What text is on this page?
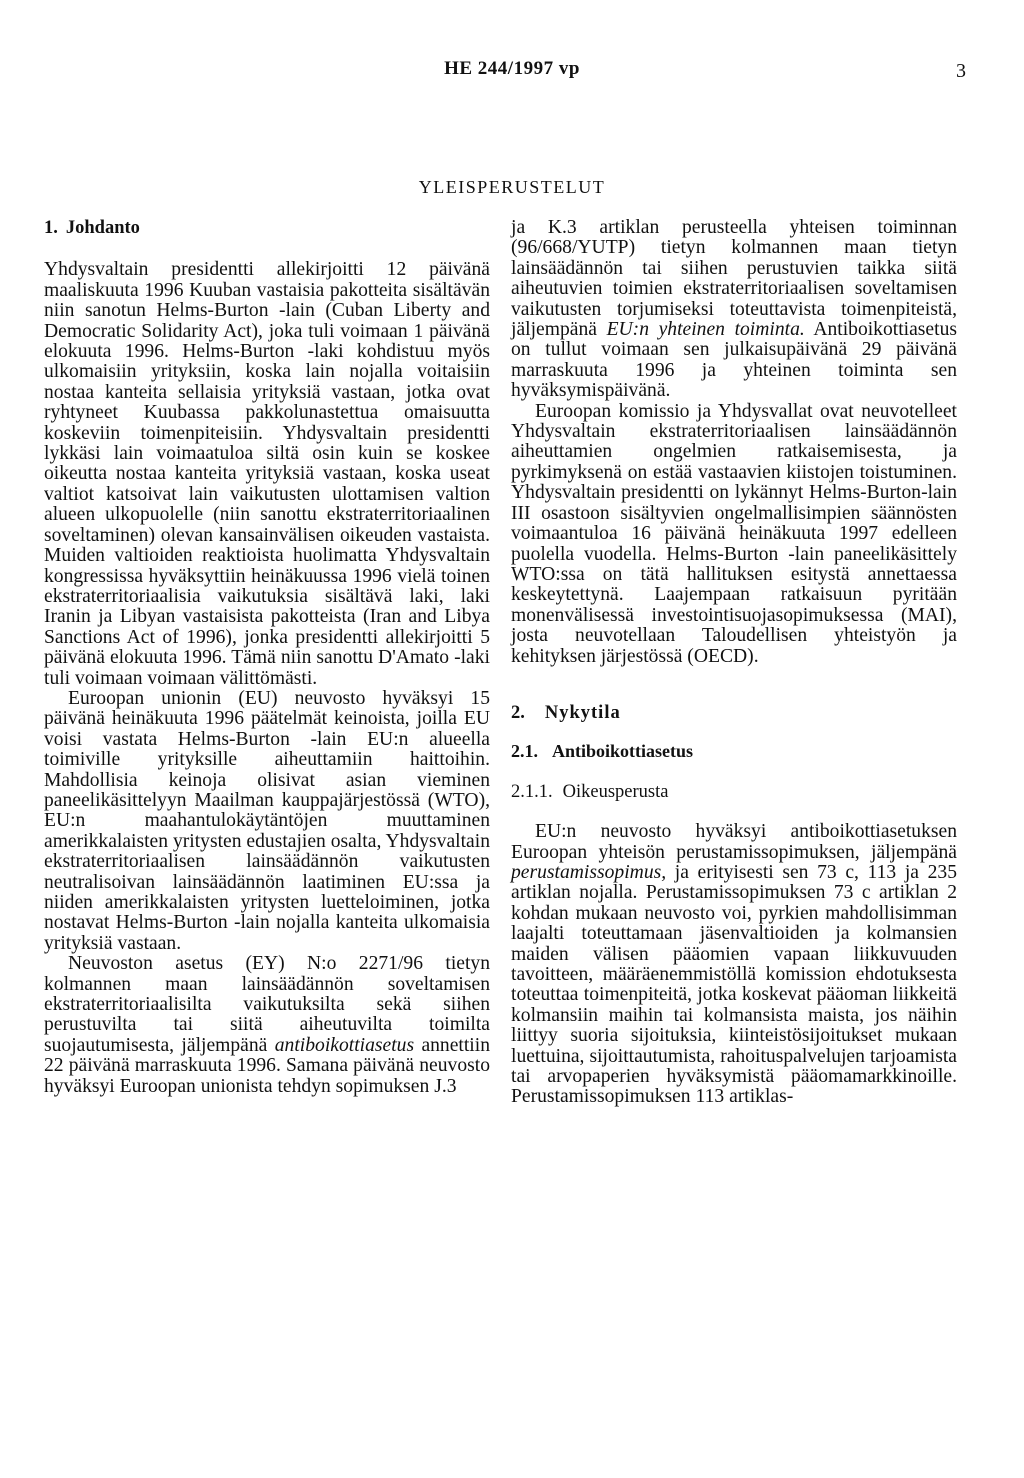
HE 244/1997 vp	3
YLEISPERUSTELUT
1. Johdanto

Yhdysvaltain presidentti allekirjoitti 12 päivänä maaliskuuta 1996 Kuuban vastaisia pakotteita sisältävän niin sanotun Helms-Burton -lain (Cuban Liberty and Democratic Solidarity Act), joka tuli voimaan 1 päivänä elokuuta 1996. Helms-Burton -laki kohdistuu myös ulkomaisiin yrityksiin, koska lain nojalla voitaisiin nostaa kanteita sellaisia yrityksiä vastaan, jotka ovat ryhtyneet Kuubassa pakkolunastettua omaisuutta koskeviin toimenpiteisiin. Yhdysvaltain presidentti lykkäsi lain voimaatuloa siltä osin kuin se koskee oikeutta nostaa kanteita yrityksiä vastaan, koska useat valtiot katsoivat lain vaikutusten ulottamisen valtion alueen ulkopuolelle (niin sanottu ekstraterritoriaalinen soveltaminen) olevan kansainvälisen oikeuden vastaista. Muiden valtioiden reaktioista huolimatta Yhdysvaltain kongressissa hyväksyttiin heinäkuussa 1996 vielä toinen ekstraterritoriaalisia vaikutuksia sisältävä laki, laki Iranin ja Libyan vastaisista pakotteista (Iran and Libya Sanctions Act of 1996), jonka presidentti allekirjoitti 5 päivänä elokuuta 1996. Tämä niin sanottu D'Amato -laki tuli voimaan voimaan välittömästi.

Euroopan unionin (EU) neuvosto hyväksyi 15 päivänä heinäkuuta 1996 päätelmät keinoista, joilla EU voisi vastata Helms-Burton -lain EU:n alueella toimiville yrityksille aiheuttamiin haittoihin. Mahdollisia keinoja olisivat asian vieminen paneelikäsittelyyn Maailman kauppajärjestössä (WTO), EU:n maahantulokäytäntöjen muuttaminen amerikkalaisten yritysten edustajien osalta, Yhdysvaltain ekstraterritoriaalisen lainsäädännön vaikutusten neutralisoivan lainsäädännön laatiminen EU:ssa ja niiden amerikkalaisten yritysten luetteloiminen, jotka nostavat Helms-Burton -lain nojalla kanteita ulkomaisia yrityksiä vastaan.

Neuvoston asetus (EY) N:o 2271/96 tietyn kolmannen maan lainsäädännön soveltamisen ekstraterritoriaalisilta vaikutuksilta sekä siihen perustuvilta tai siitä aiheutuvilta toimilta suojautumisesta, jäljempänä antiboikottiasetus annettiin 22 päivänä marraskuuta 1996. Samana päivänä neuvosto hyväksyi Euroopan unionista tehdyn sopimuksen J.3

ja K.3 artiklan perusteella yhteisen toiminnan (96/668/YUTP) tietyn kolmannen maan tietyn lainsäädännön tai siihen perustuvien taikka siitä aiheutuvien toimien ekstraterritoriaalisen soveltamisen vaikutusten torjumiseksi toteuttavista toimenpiteistä, jäljempänä EU:n yhteinen toiminta. Antiboikottiasetus on tullut voimaan sen julkaisupäivänä 29 päivänä marraskuuta 1996 ja yhteinen toiminta sen hyväksymispäivänä.

Euroopan komissio ja Yhdysvallat ovat neuvotelleet Yhdysvaltain ekstraterritoriaalisen lainsäädännön aiheuttamien ongelmien ratkaisemisesta, ja pyrkimyksenä on estää vastaavien kiistojen toistuminen. Yhdysvaltain presidentti on lykännyt Helms-Burton-lain III osastoon sisältyvien ongelmallisimpien säännösten voimaantuloa 16 päivänä heinäkuuta 1997 edelleen puolella vuodella. Helms-Burton -lain paneelikäsittely WTO:ssa on tätä hallituksen esitystä annettaessa keskeytettynä. Laajempaan ratkaisuun pyritään monenvälisessä investointisuojasopimuksessa (MAI), josta neuvotellaan Taloudellisen yhteistyön ja kehityksen järjestössä (OECD).

2. Nykytila
2.1. Antiboikottiasetus
2.1.1. Oikeusperusta

EU:n neuvosto hyväksyi antiboikottiasetuksen Euroopan yhteisön perustamissopimuksen, jäljempänä perustamissopimus, ja erityisesti sen 73 c, 113 ja 235 artiklan nojalla. Perustamissopimuksen 73 c artiklan 2 kohdan mukaan neuvosto voi, pyrkien mahdollisimman laajalti toteuttamaan jäsenvaltioiden ja kolmansien maiden välisen pääomien vapaan liikkuvuuden tavoitteen, määräenemmistöllä komission ehdotuksesta toteuttaa toimenpiteitä, jotka koskevat pääoman liikkeitä kolmansiin maihin tai kolmansista maista, jos näihin liittyy suoria sijoituksia, kiinteistösijoitukset mukaan luettuina, sijoittautumista, rahoituspalvelujen tarjoamista tai arvopaperien hyväksymistä pääomamarkkinoille. Perustamissopimuksen 113 artiklas-
